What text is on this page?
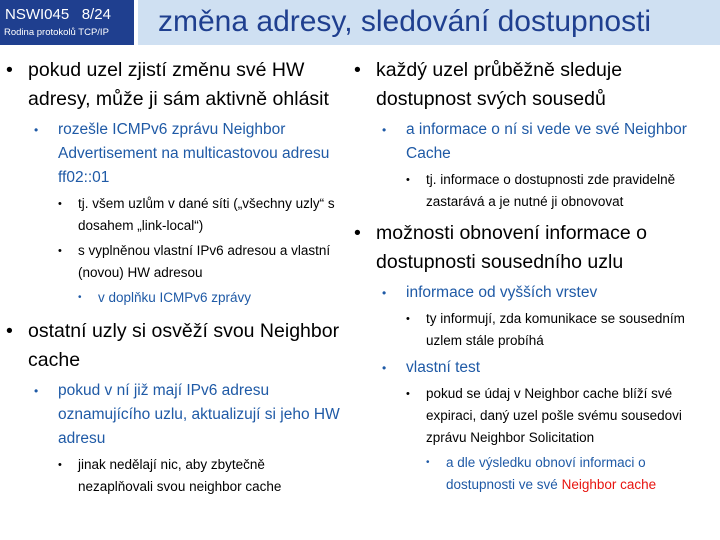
NSWI045 8/24
Rodina protokolů TCP/IP změna adresy, sledování dostupnosti
• pokud uzel zjistí změnu své HW adresy, může ji sám aktivně ohlásit
• rozešle ICMPv6 zprávu Neighbor Advertisement na multicastovou adresu ff02::01
• tj. všem uzlům v dané síti („všechny uzly“ s dosahem „link-local“)
• s vyplněnou vlastní IPv6 adresou a vlastní (novou) HW adresou
• v doplňku ICMPv6 zprávy
• ostatní uzly si osvěží svou Neighbor cache
• pokud v ní již mají IPv6 adresu oznamujícího uzlu, aktualizují si jeho HW adresu
• jinak nedělají nic, aby zbytečně nezaplňovali svou neighbor cache
• každý uzel průběžně sleduje dostupnost svých sousedů
• a informace o ní si vede ve své Neighbor Cache
• tj. informace o dostupnosti zde pravidelně zastarává a je nutné ji obnovovat
• možnosti obnovení informace o dostupnosti sousedního uzlu
• informace od vyšších vrstev
• ty informují, zda komunikace se sousedním uzlem stále probíhá
• vlastní test
• pokud se údaj v Neighbor cache blíží své expiraci, daný uzel pošle svému sousedovi zprávu Neighbor Solicitation
• a dle výsledku obnoví informaci o dostupnosti ve své Neighbor cache
